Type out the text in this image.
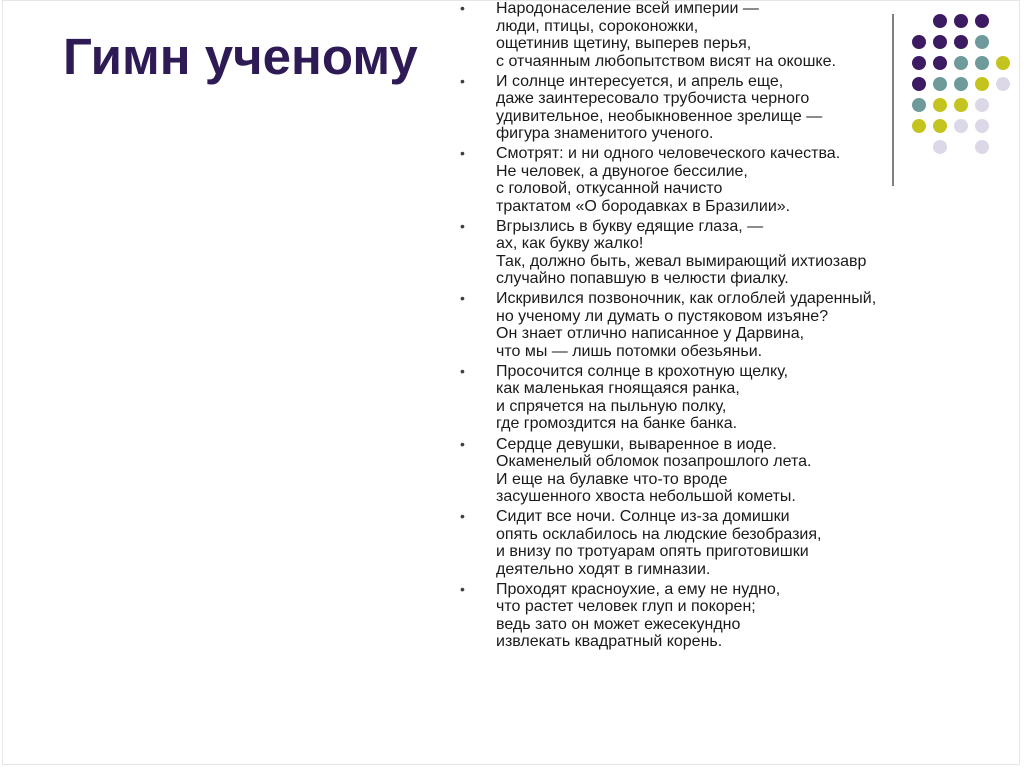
Гимн ученому
• Народонаселение всей империи —
люди, птицы, сороконожки,
ощетинив щетину, выперев перья,
с отчаянным любопытством висят на окошке.
• И солнце интересуется, и апрель еще,
даже заинтересовало трубочиста черного
удивительное, необыкновенное зрелище —
фигура знаменитого ученого.
• Смотрят: и ни одного человеческого качества.
Не человек, а двуногое бессилие,
с головой, откусанной начисто
трактатом «О бородавках в Бразилии».
• Вгрызлись в букву едящие глаза, —
ах, как букву жалко!
Так, должно быть, жевал вымирающий ихтиозавр
случайно попавшую в челюсти фиалку.
• Искривился позвоночник, как оглоблей ударенный,
но ученому ли думать о пустяковом изъяне?
Он знает отлично написанное у Дарвина,
что мы — лишь потомки обезьяньи.
• Просочится солнце в крохотную щелку,
как маленькая гноящаяся ранка,
и спрячется на пыльную полку,
где громоздится на банке банка.
• Сердце девушки, вываренное в иоде.
Окаменелый обломок позапрошлого лета.
И еще на булавке что-то вроде
засушенного хвоста небольшой кометы.
• Сидит все ночи. Солнце из-за домишки
опять осклабилось на людские безобразия,
и внизу по тротуарам опять приготовишки
деятельно ходят в гимназии.
• Проходят красноухие, а ему не нудно,
что растет человек глуп и покорен;
ведь зато он может ежесекундно
извлекать квадратный корень.
